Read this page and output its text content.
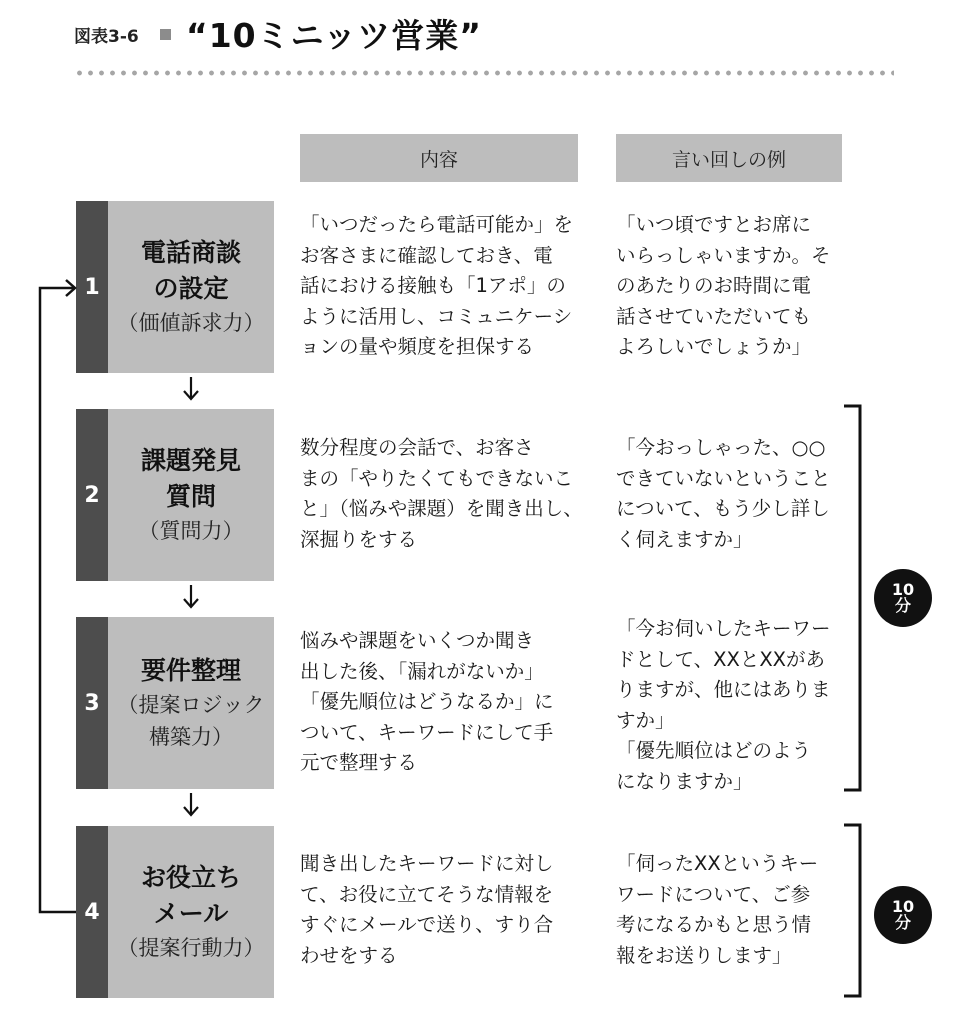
図表3-6 “10ミニッツ営業”
内容	言い回しの例
1
電話商談
の設定
（価値訴求力）
「いつだったら電話可能か」を
お客さまに確認しておき、電
話における接触も「1アポ」の
ように活用し、コミュニケーシ
ョンの量や頻度を担保する
「いつ頃ですとお席に
いらっしゃいますか。そ
のあたりのお時間に電
話させていただいても
よろしいでしょうか」
2
課題発見
質問
（質問力）
数分程度の会話で、お客さ
まの「やりたくてもできないこ
と」（悩みや課題）を聞き出し、
深掘りをする
「今おっしゃった、○○
できていないということ
について、もう少し詳し
く伺えますか」
3
要件整理
（提案ロジック
構築力）
悩みや課題をいくつか聞き
出した後、「漏れがないか」
「優先順位はどうなるか」に
ついて、キーワードにして手
元で整理する
「今お伺いしたキーワー
ドとして、XXとXXがあ
りますが、他にはありま
すか」
「優先順位はどのよう
になりますか」
4
お役立ち
メール
（提案行動力）
聞き出したキーワードに対し
て、お役に立てそうな情報を
すぐにメールで送り、すり合
わせをする
「伺ったXXというキー
ワードについて、ご参
考になるかもと思う情
報をお送りします」
10
分
10
分
